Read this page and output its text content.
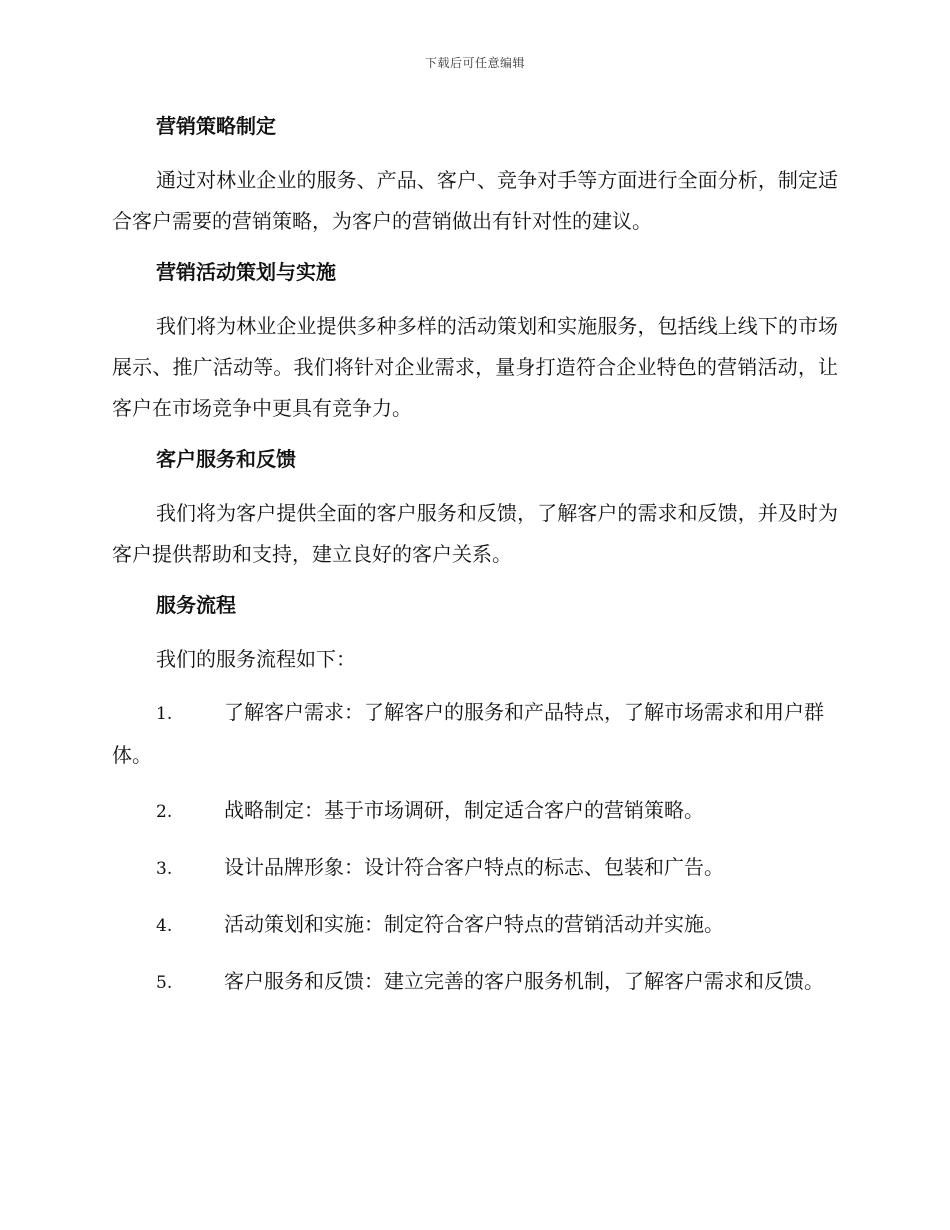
下载后可任意编辑
营销策略制定

通过对林业企业的服务、产品、客户、竞争对手等方面进行全面分析，制定适合客户需要的营销策略，为客户的营销做出有针对性的建议。

营销活动策划与实施

我们将为林业企业提供多种多样的活动策划和实施服务，包括线上线下的市场展示、推广活动等。我们将针对企业需求，量身打造符合企业特色的营销活动，让客户在市场竞争中更具有竞争力。

客户服务和反馈

我们将为客户提供全面的客户服务和反馈，了解客户的需求和反馈，并及时为客户提供帮助和支持，建立良好的客户关系。

服务流程

我们的服务流程如下：

1.	了解客户需求：了解客户的服务和产品特点，了解市场需求和用户群体。
2.	战略制定：基于市场调研，制定适合客户的营销策略。
3.	设计品牌形象：设计符合客户特点的标志、包装和广告。
4.	活动策划和实施：制定符合客户特点的营销活动并实施。
5.	客户服务和反馈：建立完善的客户服务机制，了解客户需求和反馈。
